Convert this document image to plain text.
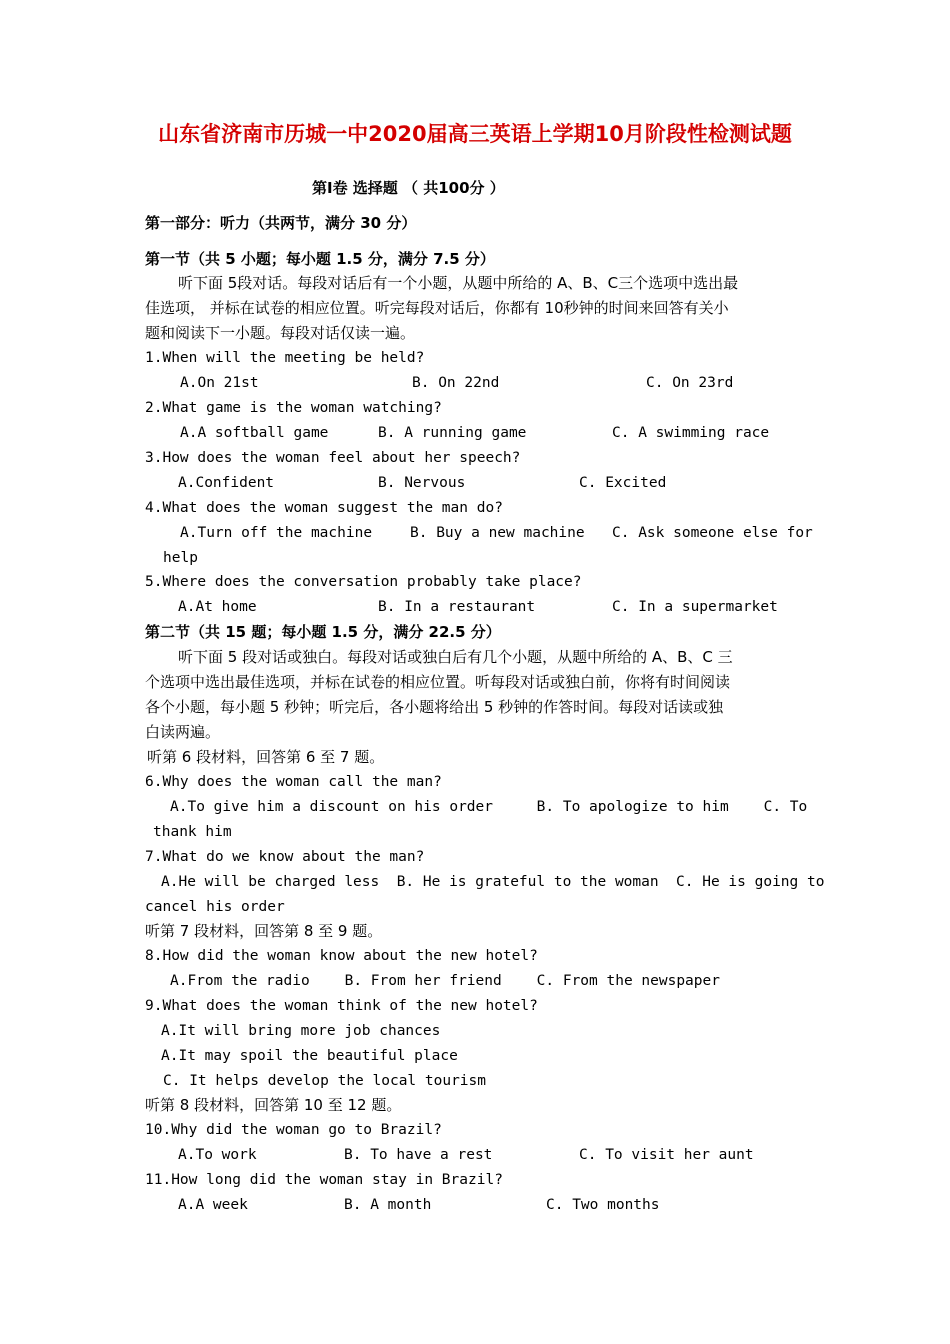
山东省济南市历城一中2020届高三英语上学期10月阶段性检测试题
第Ⅰ卷 选择题 （ 共100分 ）
第一部分：听力（共两节，满分 30 分）
第一节（共 5 小题；每小题 1.5 分，满分 7.5 分）
听下面 5段对话。每段对话后有一个小题，从题中所给的 A、B、C三个选项中选出最
佳选项， 并标在试卷的相应位置。听完每段对话后，你都有 10秒钟的时间来回答有关小
题和阅读下一小题。每段对话仅读一遍。
1.When will the meeting be held?
A.On 21st	B. On 22nd	C. On 23rd
2.What game is the woman watching?
A.A softball game	B. A running game	C. A swimming race
3.How does the woman feel about her speech?
A.Confident	B. Nervous	C. Excited
4.What does the woman suggest the man do?
A.Turn off the machine	B. Buy a new machine C. Ask someone else for
help
5.Where does the conversation probably take place?
A.At home	B. In a restaurant	C. In a supermarket
第二节（共 15 题；每小题 1.5 分，满分 22.5 分）
听下面 5 段对话或独白。每段对话或独白后有几个小题，从题中所给的 A、B、C 三
个选项中选出最佳选项，并标在试卷的相应位置。听每段对话或独白前，你将有时间阅读
各个小题，每小题 5 秒钟；听完后，各小题将给出 5 秒钟的作答时间。每段对话读或独
白读两遍。
听第 6 段材料，回答第 6 至 7 题。
6.Why does the woman call the man?
A.To give him a discount on his order     B. To apologize to him    C. To
thank him
7.What do we know about the man?
A.He will be charged less  B. He is grateful to the woman  C. He is going to
cancel his order
听第 7 段材料，回答第 8 至 9 题。
8.How did the woman know about the new hotel?
A.From the radio    B. From her friend    C. From the newspaper
9.What does the woman think of the new hotel?
A.It will bring more job chances
A.It may spoil the beautiful place
C. It helps develop the local tourism
听第 8 段材料，回答第 10 至 12 题。
10.Why did the woman go to Brazil?
A.To work	B. To have a rest	C. To visit her aunt
11.How long did the woman stay in Brazil?
A.A week	B. A month	C. Two months
